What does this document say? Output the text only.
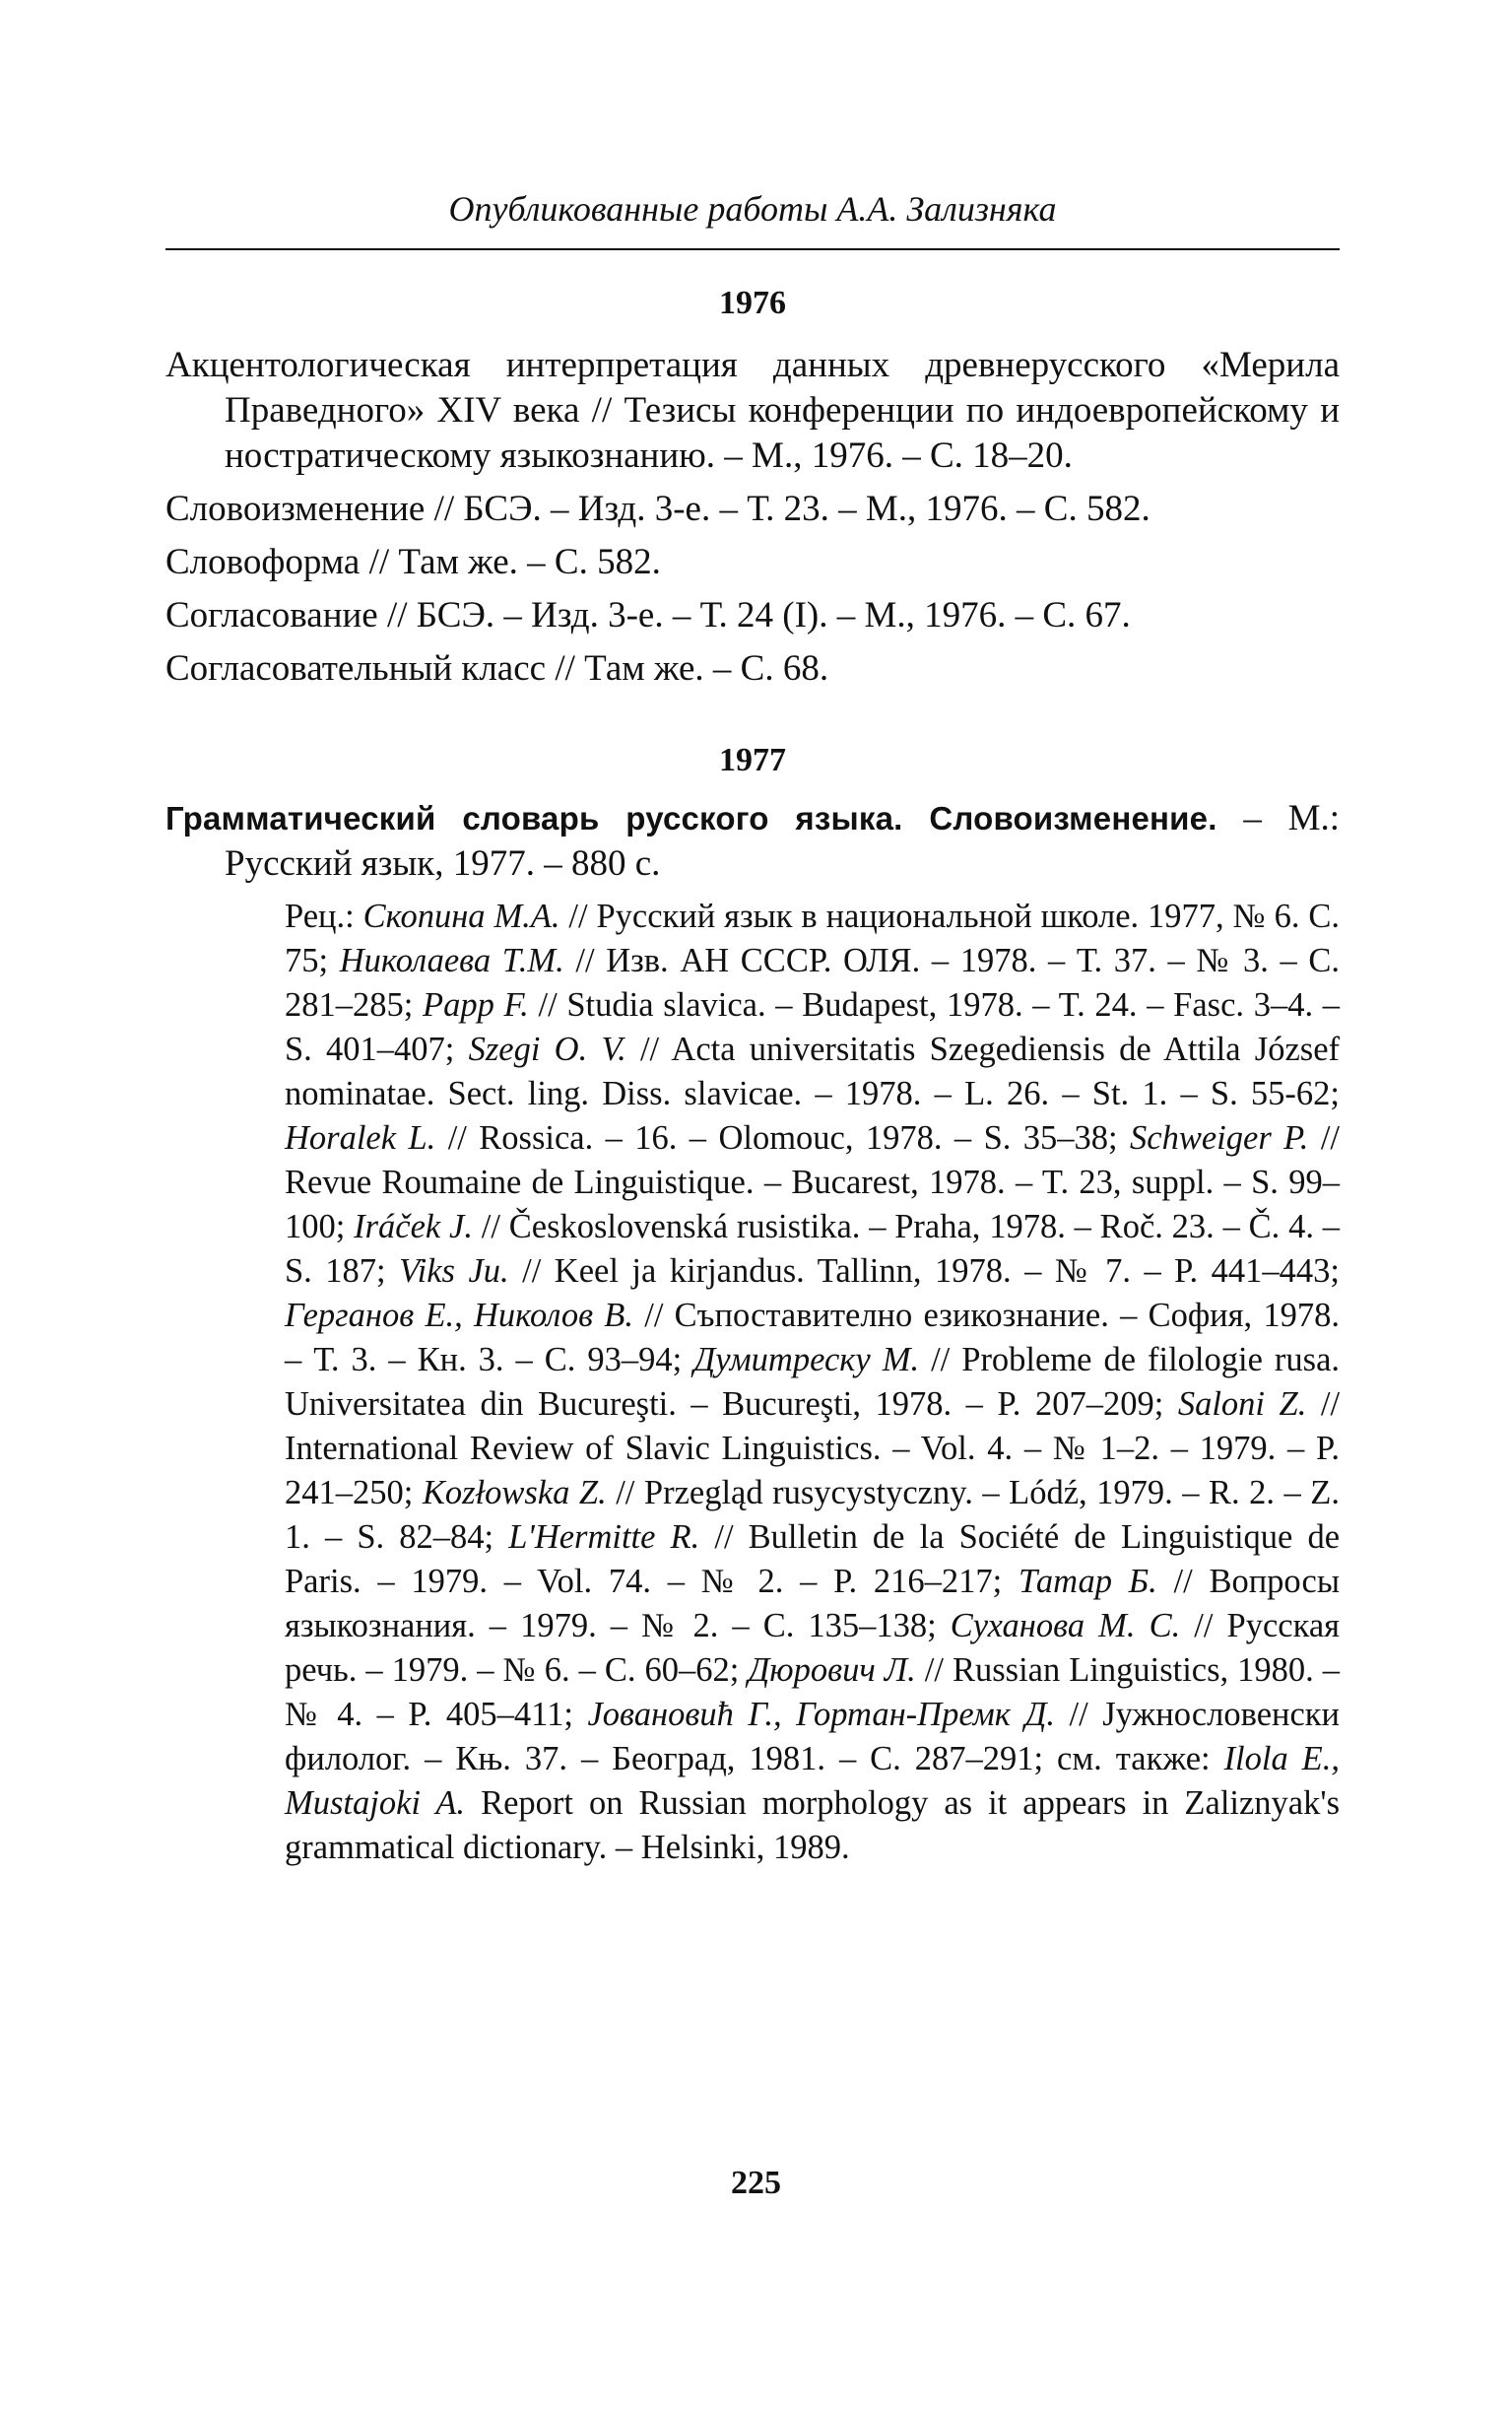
Опубликованные работы А.А. Зализняка
1976
Акцентологическая интерпретация данных древнерусского «Мерила Праведного» XIV века // Тезисы конференции по индоевропейскому и ностратическому языкознанию. – М., 1976. – С. 18–20.
Словоизменение // БСЭ. – Изд. 3-е. – Т. 23. – М., 1976. – С. 582.
Словоформа // Там же. – С. 582.
Согласование // БСЭ. – Изд. 3-е. – Т. 24 (I). – М., 1976. – С. 67.
Согласовательный класс // Там же. – С. 68.
1977
Грамматический словарь русского языка. Словоизменение. – М.: Русский язык, 1977. – 880 с.
Рец.: Скопина М.А. // Русский язык в национальной школе. 1977, № 6. С. 75; Николаева Т.М. // Изв. АН СССР. ОЛЯ. – 1978. – Т. 37. – № 3. – С. 281–285; Papp F. // Studia slavica. – Budapest, 1978. – T. 24. – Fasc. 3–4. – S. 401–407; Szegi O. V. // Acta universitatis Szegediensis de Attila József nominatae. Sect. ling. Diss. slavicae. – 1978. – L. 26. – St. 1. – S. 55-62; Horalek L. // Rossica. – 16. – Olomouc, 1978. – S. 35–38; Schweiger P. // Revue Roumaine de Linguistique. – Bucarest, 1978. – T. 23, suppl. – S. 99–100; Iráček J. // Československá rusistika. – Praha, 1978. – Roč. 23. – Č. 4. – S. 187; Viks Ju. // Keel ja kirjandus. Tallinn, 1978. – № 7. – P. 441–443; Герганов Е., Николов В. // Съпоставително езикознание. – София, 1978. – Т. 3. – Кн. 3. – С. 93–94; Думитреску М. // Probleme de filologie rusa. Universitatea din Bucureşti. – Bucureşti, 1978. – P. 207–209; Saloni Z. // International Review of Slavic Linguistics. – Vol. 4. – № 1–2. – 1979. – P. 241–250; Kozłowska Z. // Przegląd rusycystyczny. – Lódź, 1979. – R. 2. – Z. 1. – S. 82–84; L'Hermitte R. // Bulletin de la Société de Linguistique de Paris. – 1979. – Vol. 74. – № 2. – P. 216–217; Татар Б. // Вопросы языкознания. – 1979. – № 2. – С. 135–138; Суханова М. С. // Русская речь. – 1979. – № 6. – С. 60–62; Дюрович Л. // Russian Linguistics, 1980. – № 4. – P. 405–411; Јовановић Г., Гортан-Премк Д. // Јужнословенски филолог. – Књ. 37. – Београд, 1981. – С. 287–291; см. также: Ilola E., Mustajoki A. Report on Russian morphology as it appears in Zaliznyak's grammatical dictionary. – Helsinki, 1989.
225
